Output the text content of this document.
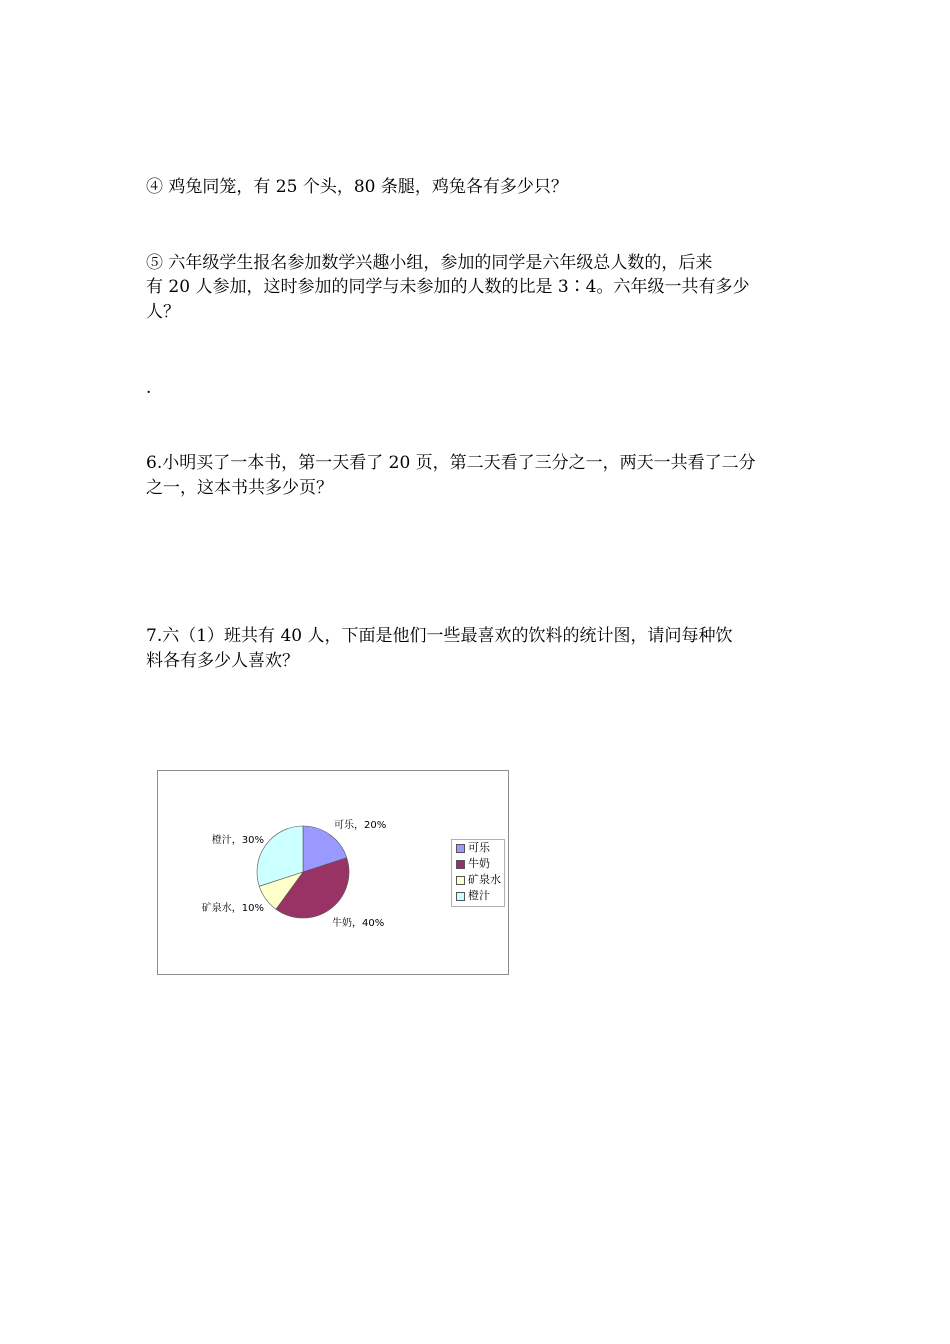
④ 鸡兔同笼，有 25 个头，80 条腿，鸡兔各有多少只？
⑤ 六年级学生报名参加数学兴趣小组，参加的同学是六年级总人数的，后来
有 20 人参加，这时参加的同学与未参加的人数的比是 3∶4。六年级一共有多少
人？
.
6.小明买了一本书，第一天看了 20 页，第二天看了三分之一，两天一共看了二分
之一，这本书共多少页？
7.六（1）班共有 40 人，下面是他们一些最喜欢的饮料的统计图，请问每种饮
料各有多少人喜欢？
可乐，20%
牛奶，40%
矿泉水，10%
橙汁，30%
可乐
牛奶
矿泉水
橙汁
